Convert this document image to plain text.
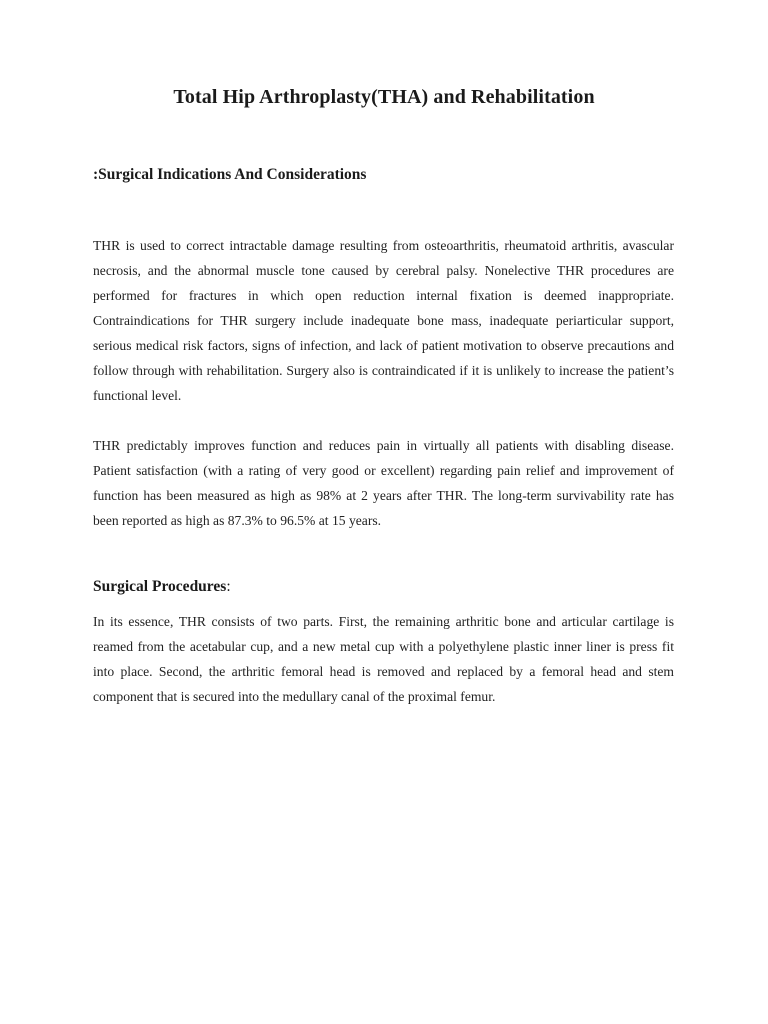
Total Hip Arthroplasty(THA) and Rehabilitation
:Surgical Indications And Considerations

THR is used to correct intractable damage resulting from osteoarthritis, rheumatoid arthritis, avascular necrosis, and the abnormal muscle tone caused by cerebral palsy. Nonelective THR procedures are performed for fractures in which open reduction internal fixation is deemed inappropriate. Contraindications for THR surgery include inadequate bone mass, inadequate periarticular support, serious medical risk factors, signs of infection, and lack of patient motivation to observe precautions and follow through with rehabilitation. Surgery also is contraindicated if it is unlikely to increase the patient’s functional level.

THR predictably improves function and reduces pain in virtually all patients with disabling disease. Patient satisfaction (with a rating of very good or excellent) regarding pain relief and improvement of function has been measured as high as 98% at 2 years after THR. The long-term survivability rate has been reported as high as 87.3% to 96.5% at 15 years.

Surgical Procedures:

In its essence, THR consists of two parts. First, the remaining arthritic bone and articular cartilage is reamed from the acetabular cup, and a new metal cup with a polyethylene plastic inner liner is press fit into place. Second, the arthritic femoral head is removed and replaced by a femoral head and stem component that is secured into the medullary canal of the proximal femur.
